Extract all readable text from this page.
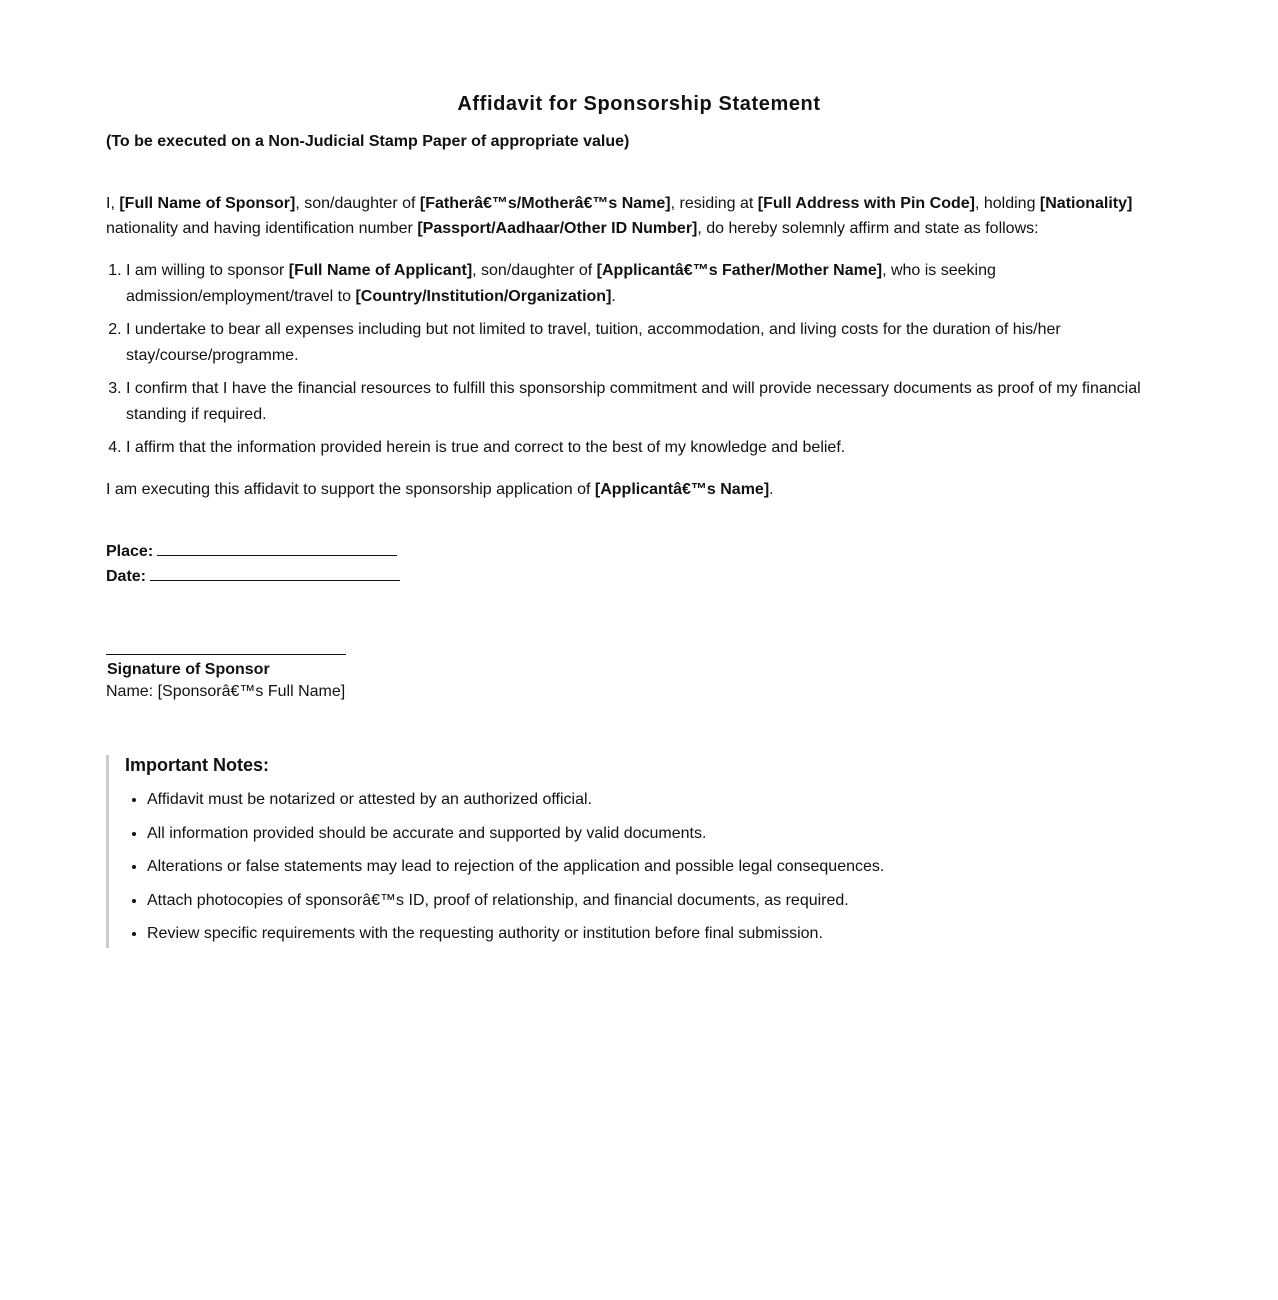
Affidavit for Sponsorship Statement

(To be executed on a Non-Judicial Stamp Paper of appropriate value)

I, [Full Name of Sponsor], son/daughter of [Fatherâ€™s/Motherâ€™s Name], residing at [Full Address with Pin Code], holding [Nationality] nationality and having identification number [Passport/Aadhaar/Other ID Number], do hereby solemnly affirm and state as follows:

1. I am willing to sponsor [Full Name of Applicant], son/daughter of [Applicantâ€™s Father/Mother Name], who is seeking admission/employment/travel to [Country/Institution/Organization].
2. I undertake to bear all expenses including but not limited to travel, tuition, accommodation, and living costs for the duration of his/her stay/course/programme.
3. I confirm that I have the financial resources to fulfill this sponsorship commitment and will provide necessary documents as proof of my financial standing if required.
4. I affirm that the information provided herein is true and correct to the best of my knowledge and belief.

I am executing this affidavit to support the sponsorship application of [Applicantâ€™s Name].

Place:

Date:

Signature of Sponsor

Name: [Sponsorâ€™s Full Name]

Important Notes:
• Affidavit must be notarized or attested by an authorized official.
• All information provided should be accurate and supported by valid documents.
• Alterations or false statements may lead to rejection of the application and possible legal consequences.
• Attach photocopies of sponsorâ€™s ID, proof of relationship, and financial documents, as required.
• Review specific requirements with the requesting authority or institution before final submission.
